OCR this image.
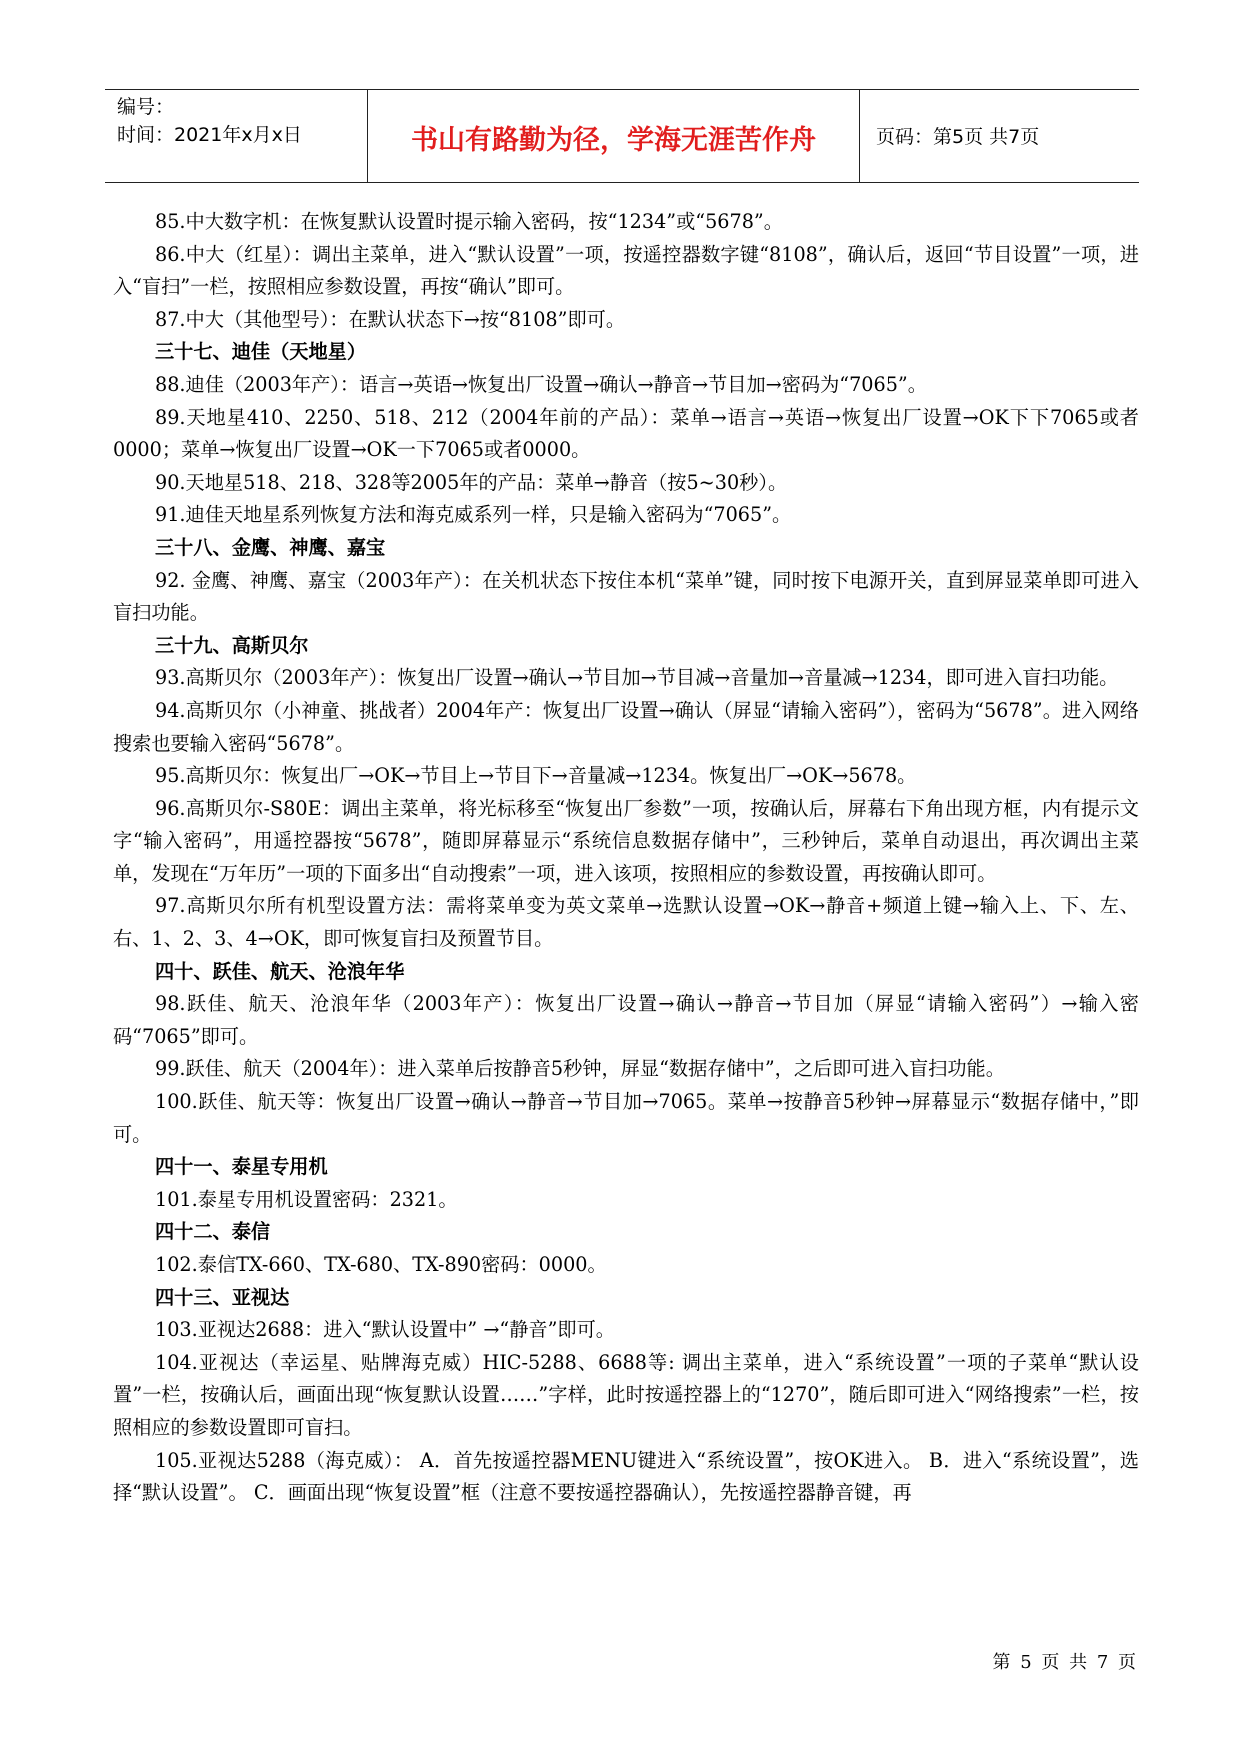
编号：
时间：2021年x月x日	书山有路勤为径，学海无涯苦作舟	页码：第5页 共7页

85.中大数字机：在恢复默认设置时提示输入密码，按“1234”或“5678”。

86.中大（红星）：调出主菜单，进入“默认设置”一项，按遥控器数字键“8108”，确认后，返回“节目设置”一项，进入“盲扫”一栏，按照相应参数设置，再按“确认”即可。

87.中大（其他型号）：在默认状态下→按“8108”即可。

三十七、迪佳（天地星）

88.迪佳（2003年产）：语言→英语→恢复出厂设置→确认→静音→节目加→密码为“7065”。

89.天地星410、2250、518、212（2004年前的产品）：菜单→语言→英语→恢复出厂设置→OK下下7065或者0000；菜单→恢复出厂设置→OK一下7065或者0000。

90.天地星518、218、328等2005年的产品：菜单→静音（按5~30秒）。

91.迪佳天地星系列恢复方法和海克威系列一样，只是输入密码为“7065”。

三十八、金鹰、神鹰、嘉宝

92. 金鹰、神鹰、嘉宝（2003年产）：在关机状态下按住本机“菜单”键，同时按下电源开关，直到屏显菜单即可进入盲扫功能。

三十九、高斯贝尔

93.高斯贝尔（2003年产）：恢复出厂设置→确认→节目加→节目减→音量加→音量减→1234，即可进入盲扫功能。

94.高斯贝尔（小神童、挑战者）2004年产：恢复出厂设置→确认（屏显“请输入密码”），密码为“5678”。进入网络搜索也要输入密码“5678”。

95.高斯贝尔：恢复出厂→OK→节目上→节目下→音量减→1234。恢复出厂→OK→5678。

96.高斯贝尔-S80E：调出主菜单，将光标移至“恢复出厂参数”一项，按确认后，屏幕右下角出现方框，内有提示文字“输入密码”，用遥控器按“5678”，随即屏幕显示“系统信息数据存储中”，三秒钟后，菜单自动退出，再次调出主菜单，发现在“万年历”一项的下面多出“自动搜索”一项，进入该项，按照相应的参数设置，再按确认即可。

97.高斯贝尔所有机型设置方法：需将菜单变为英文菜单→选默认设置→OK→静音+频道上键→输入上、下、左、右、1、2、3、4→OK，即可恢复盲扫及预置节目。

四十、跃佳、航天、沧浪年华

98.跃佳、航天、沧浪年华（2003年产）：恢复出厂设置→确认→静音→节目加（屏显“请输入密码”）→输入密码“7065”即可。

99.跃佳、航天（2004年）：进入菜单后按静音5秒钟，屏显“数据存储中”，之后即可进入盲扫功能。

100.跃佳、航天等：恢复出厂设置→确认→静音→节目加→7065。菜单→按静音5秒钟→屏幕显示“数据存储中，”即可。

四十一、泰星专用机

101.泰星专用机设置密码：2321。

四十二、泰信

102.泰信TX-660、TX-680、TX-890密码：0000。

四十三、亚视达

103.亚视达2688：进入“默认设置中” →“静音”即可。

104.亚视达（幸运星、贴牌海克威）HIC-5288、6688等: 调出主菜单，进入“系统设置”一项的子菜单“默认设置”一栏，按确认后，画面出现“恢复默认设置……”字样，此时按遥控器上的“1270”，随后即可进入“网络搜索”一栏，按照相应的参数设置即可盲扫。

105.亚视达5288（海克威）： A．首先按遥控器MENU键进入“系统设置”，按OK进入。 B．进入“系统设置”，选择“默认设置”。 C．画面出现“恢复设置”框（注意不要按遥控器确认），先按遥控器静音键，再

第 5 页 共 7 页
